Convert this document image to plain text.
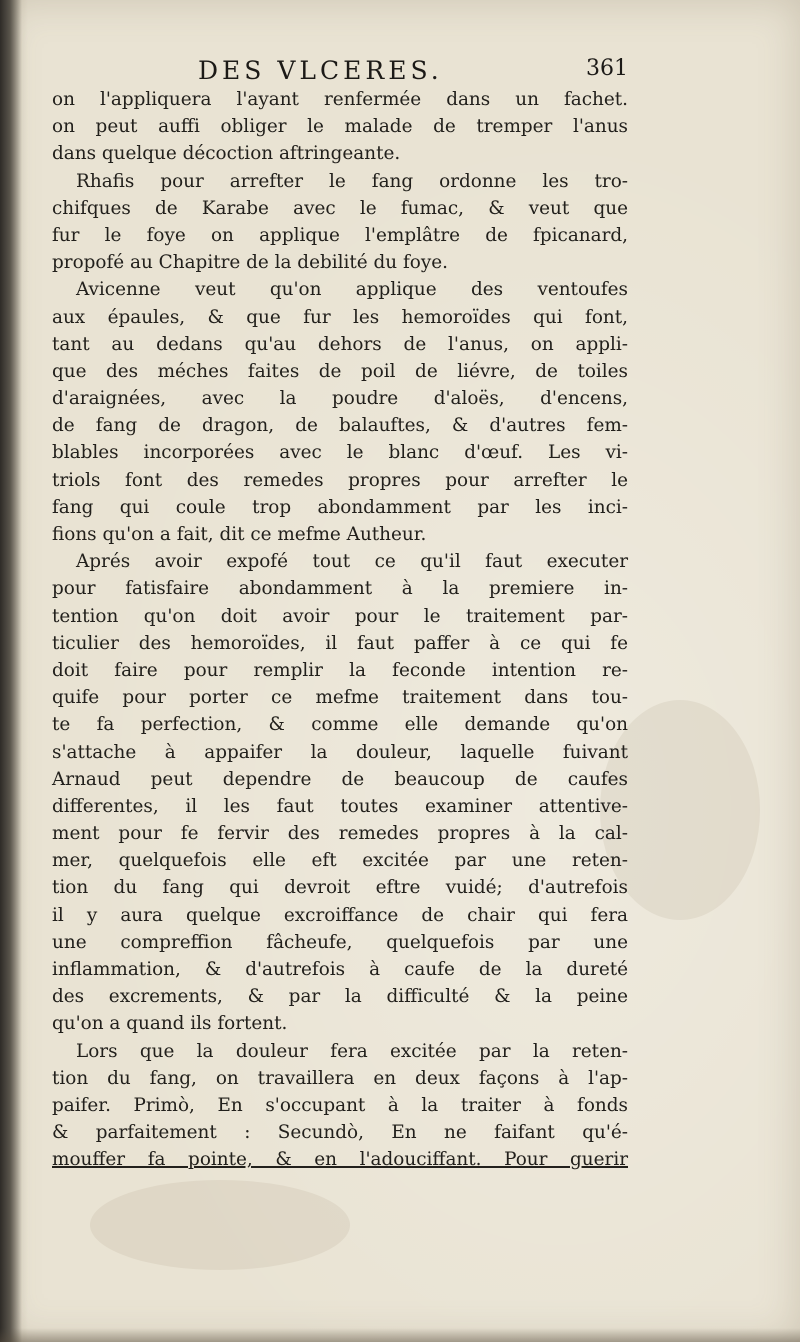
DES VLCERES.	361
on l'appliquera l'ayant renfermée dans un fachet.
on peut auffi obliger le malade de tremper l'anus
dans quelque décoction aftringeante.
Rhafis pour arrefter le fang ordonne les tro-
chifques de Karabe avec le fumac, & veut que
fur le foye on applique l'emplâtre de fpicanard,
propofé au Chapitre de la debilité du foye.
Avicenne veut qu'on applique des ventoufes
aux épaules, & que fur les hemoroïdes qui font,
tant au dedans qu'au dehors de l'anus, on appli-
que des méches faites de poil de liévre, de toiles
d'araignées, avec la poudre d'aloës, d'encens,
de fang de dragon, de balauftes, & d'autres fem-
blables incorporées avec le blanc d'œuf. Les vi-
triols font des remedes propres pour arrefter le
fang qui coule trop abondamment par les inci-
fions qu'on a fait, dit ce mefme Autheur.
Aprés avoir expofé tout ce qu'il faut executer
pour fatisfaire abondamment à la premiere in-
tention qu'on doit avoir pour le traitement par-
ticulier des hemoroïdes, il faut paffer à ce qui fe
doit faire pour remplir la feconde intention re-
quife pour porter ce mefme traitement dans tou-
te fa perfection, & comme elle demande qu'on
s'attache à appaifer la douleur, laquelle fuivant
Arnaud peut dependre de beaucoup de caufes
differentes, il les faut toutes examiner attentive-
ment pour fe fervir des remedes propres à la cal-
mer, quelquefois elle eft excitée par une reten-
tion du fang qui devroit eftre vuidé; d'autrefois
il y aura quelque excroiffance de chair qui fera
une compreffion fâcheufe, quelquefois par une
inflammation, & d'autrefois à caufe de la dureté
des excrements, & par la difficulté & la peine
qu'on a quand ils fortent.
Lors que la douleur fera excitée par la reten-
tion du fang, on travaillera en deux façons à l'ap-
paifer. Primò, En s'occupant à la traiter à fonds
& parfaitement : Secundò, En ne faifant qu'é-
mouffer fa pointe, & en l'adouciffant. Pour guerir
